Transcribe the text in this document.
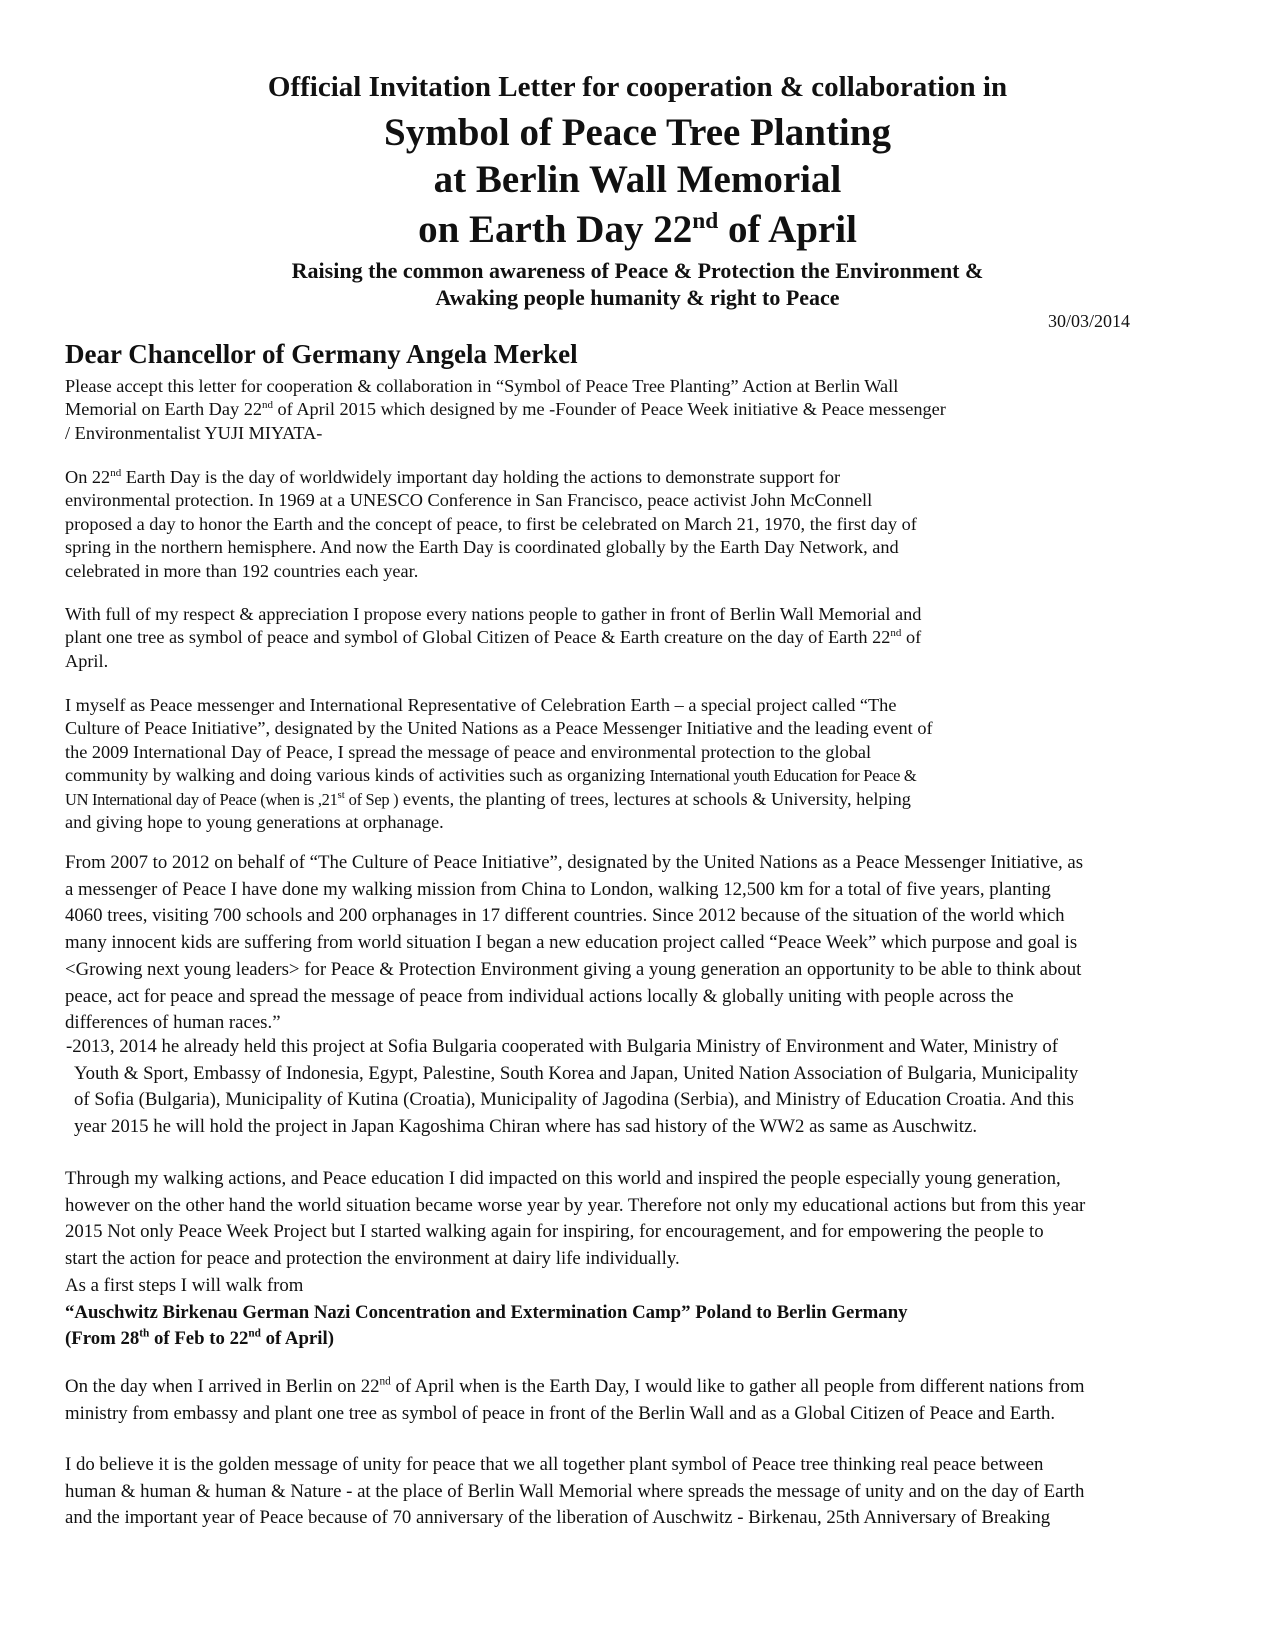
Official Invitation Letter for cooperation & collaboration in

Symbol of Peace Tree Planting

at Berlin Wall Memorial

on Earth Day 22nd of April

Raising the common awareness of Peace & Protection the Environment &

Awaking people humanity & right to Peace

30/03/2014
Dear Chancellor of Germany Angela Merkel

Please accept this letter for cooperation & collaboration in “Symbol of Peace Tree Planting” Action at Berlin Wall
Memorial on Earth Day 22nd of April 2015 which designed by me -Founder of Peace Week initiative & Peace messenger
/ Environmentalist YUJI MIYATA-

On 22nd Earth Day is the day of worldwidely important day holding the actions to demonstrate support for
environmental protection. In 1969 at a UNESCO Conference in San Francisco, peace activist John McConnell
proposed a day to honor the Earth and the concept of peace, to first be celebrated on March 21, 1970, the first day of
spring in the northern hemisphere. And now the Earth Day is coordinated globally by the Earth Day Network, and
celebrated in more than 192 countries each year.

With full of my respect & appreciation I propose every nations people to gather in front of Berlin Wall Memorial and
plant one tree as symbol of peace and symbol of Global Citizen of Peace & Earth creature on the day of Earth 22nd of
April.

I myself as Peace messenger and International Representative of Celebration Earth – a special project called “The
Culture of Peace Initiative”, designated by the United Nations as a Peace Messenger Initiative and the leading event of
the 2009 International Day of Peace, I spread the message of peace and environmental protection to the global
community by walking and doing various kinds of activities such as organizing International youth Education for Peace &
UN International day of Peace (when is ,21st of Sep ) events, the planting of trees, lectures at schools & University, helping
and giving hope to young generations at orphanage.

From 2007 to 2012 on behalf of “The Culture of Peace Initiative”, designated by the United Nations as a Peace Messenger Initiative, as
a messenger of Peace I have done my walking mission from China to London, walking 12,500 km for a total of five years, planting
4060 trees, visiting 700 schools and 200 orphanages in 17 different countries. Since 2012 because of the situation of the world which
many innocent kids are suffering from world situation I began a new education project called “Peace Week” which purpose and goal is
<Growing next young leaders> for Peace & Protection Environment giving a young generation an opportunity to be able to think about
peace, act for peace and spread the message of peace from individual actions locally & globally uniting with people across the
differences of human races.”

-2013, 2014 he already held this project at Sofia Bulgaria cooperated with Bulgaria Ministry of Environment and Water, Ministry of
Youth & Sport, Embassy of Indonesia, Egypt, Palestine, South Korea and Japan, United Nation Association of Bulgaria, Municipality
of Sofia (Bulgaria), Municipality of Kutina (Croatia), Municipality of Jagodina (Serbia), and Ministry of Education Croatia. And this
year 2015 he will hold the project in Japan Kagoshima Chiran where has sad history of the WW2 as same as Auschwitz.

Through my walking actions, and Peace education I did impacted on this world and inspired the people especially young generation,
however on the other hand the world situation became worse year by year. Therefore not only my educational actions but from this year
2015 Not only Peace Week Project but I started walking again for inspiring, for encouragement, and for empowering the people to
start the action for peace and protection the environment at dairy life individually.
As a first steps I will walk from
“Auschwitz Birkenau German Nazi Concentration and Extermination Camp” Poland to Berlin Germany
(From 28th of Feb to 22nd of April)

On the day when I arrived in Berlin on 22nd of April when is the Earth Day, I would like to gather all people from different nations from
ministry from embassy and plant one tree as symbol of peace in front of the Berlin Wall and as a Global Citizen of Peace and Earth.

I do believe it is the golden message of unity for peace that we all together plant symbol of Peace tree thinking real peace between
human & human & human & Nature - at the place of Berlin Wall Memorial where spreads the message of unity and on the day of Earth
and the important year of Peace because of 70 anniversary of the liberation of Auschwitz - Birkenau, 25th Anniversary of Breaking
